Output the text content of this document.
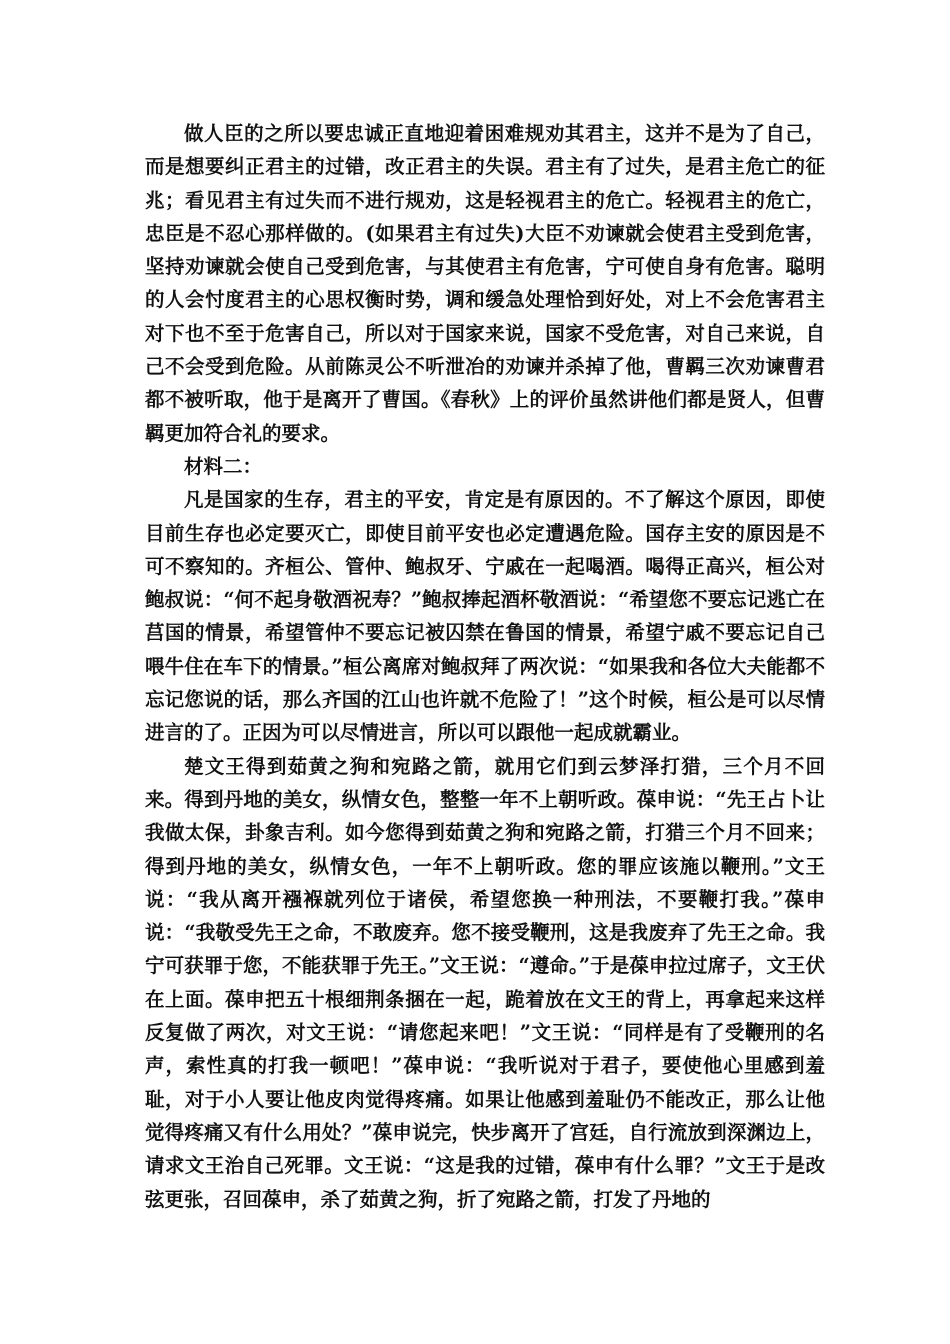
做人臣的之所以要忠诚正直地迎着困难规劝其君主，这并不是为了自己，而是想要纠正君主的过错，改正君主的失误。君主有了过失，是君主危亡的征兆；看见君主有过失而不进行规劝，这是轻视君主的危亡。轻视君主的危亡，忠臣是不忍心那样做的。(如果君主有过失)大臣不劝谏就会使君主受到危害，坚持劝谏就会使自己受到危害，与其使君主有危害，宁可使自身有危害。聪明的人会忖度君主的心思权衡时势，调和缓急处理恰到好处，对上不会危害君主对下也不至于危害自己，所以对于国家来说，国家不受危害，对自己来说，自己不会受到危险。从前陈灵公不听泄冶的劝谏并杀掉了他，曹羁三次劝谏曹君都不被听取，他于是离开了曹国。《春秋》上的评价虽然讲他们都是贤人，但曹羁更加符合礼的要求。

材料二：

凡是国家的生存，君主的平安，肯定是有原因的。不了解这个原因，即使目前生存也必定要灭亡，即使目前平安也必定遭遇危险。国存主安的原因是不可不察知的。齐桓公、管仲、鲍叔牙、宁戚在一起喝酒。喝得正高兴，桓公对鲍叔说：“何不起身敬酒祝寿？”鲍叔捧起酒杯敬酒说：“希望您不要忘记逃亡在莒国的情景，希望管仲不要忘记被囚禁在鲁国的情景，希望宁戚不要忘记自己喂牛住在车下的情景。”桓公离席对鲍叔拜了两次说：“如果我和各位大夫能都不忘记您说的话，那么齐国的江山也许就不危险了！”这个时候，桓公是可以尽情进言的了。正因为可以尽情进言，所以可以跟他一起成就霸业。

楚文王得到茹黄之狗和宛路之箭，就用它们到云梦泽打猎，三个月不回来。得到丹地的美女，纵情女色，整整一年不上朝听政。葆申说：“先王占卜让我做太保，卦象吉利。如今您得到茹黄之狗和宛路之箭，打猎三个月不回来；得到丹地的美女，纵情女色，一年不上朝听政。您的罪应该施以鞭刑。”文王说：“我从离开襁褓就列位于诸侯，希望您换一种刑法，不要鞭打我。”葆申说：“我敬受先王之命，不敢废弃。您不接受鞭刑，这是我废弃了先王之命。我宁可获罪于您，不能获罪于先王。”文王说：“遵命。”于是葆申拉过席子，文王伏在上面。葆申把五十根细荆条捆在一起，跪着放在文王的背上，再拿起来这样反复做了两次，对文王说：“请您起来吧！”文王说：“同样是有了受鞭刑的名声，索性真的打我一顿吧！”葆申说：“我听说对于君子，要使他心里感到羞耻，对于小人要让他皮肉觉得疼痛。如果让他感到羞耻仍不能改正，那么让他觉得疼痛又有什么用处？”葆申说完，快步离开了宫廷，自行流放到深渊边上，请求文王治自己死罪。文王说：“这是我的过错，葆申有什么罪？”文王于是改弦更张，召回葆申，杀了茹黄之狗，折了宛路之箭，打发了丹地的
